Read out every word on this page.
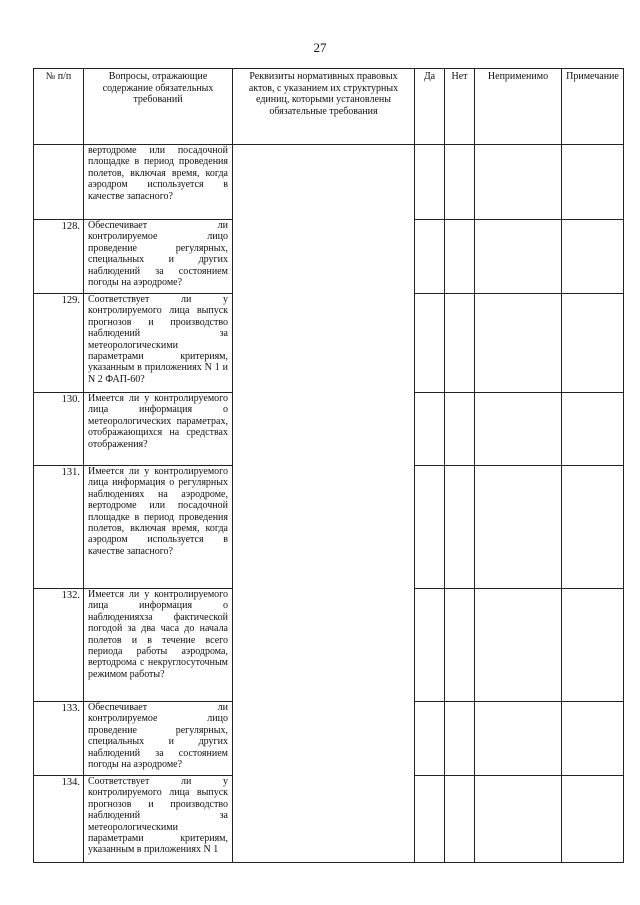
27
№ п/п	Вопросы, отражающие содержание обязательных требований	Реквизиты нормативных правовых актов, с указанием их структурных единиц, которыми установлены обязательные требования	Да	Нет	Неприменимо	Примечание
	вертодроме или посадочной площадке в период проведения полетов, включая время, когда аэродром используется в качестве запасного?					
128.	Обеспечивает ли контролируемое лицо проведение регулярных, специальных и других наблюдений за состоянием погоды на аэродроме?					
129.	Соответствует ли у контролируемого лица выпуск прогнозов и производство наблюдений за метеорологическими параметрами критериям, указанным в приложениях N 1 и N 2 ФАП-60?					
130.	Имеется ли у контролируемого лица информация о метеорологических параметрах, отображающихся на средствах отображения?					
131.	Имеется ли у контролируемого лица информация о регулярных наблюдениях на аэродроме, вертодроме или посадочной площадке в период проведения полетов, включая время, когда аэродром используется в качестве запасного?					
132.	Имеется ли у контролируемого лица информация о наблюденияхза фактической погодой за два часа до начала полетов и в течение всего периода работы аэродрома, вертодрома с некруглосуточным режимом работы?					
133.	Обеспечивает ли контролируемое лицо проведение регулярных, специальных и других наблюдений за состоянием погоды на аэродроме?					
134.	Соответствует ли у контролируемого лица выпуск прогнозов и производство наблюдений за метеорологическими параметрами критериям, указанным в приложениях N 1					
